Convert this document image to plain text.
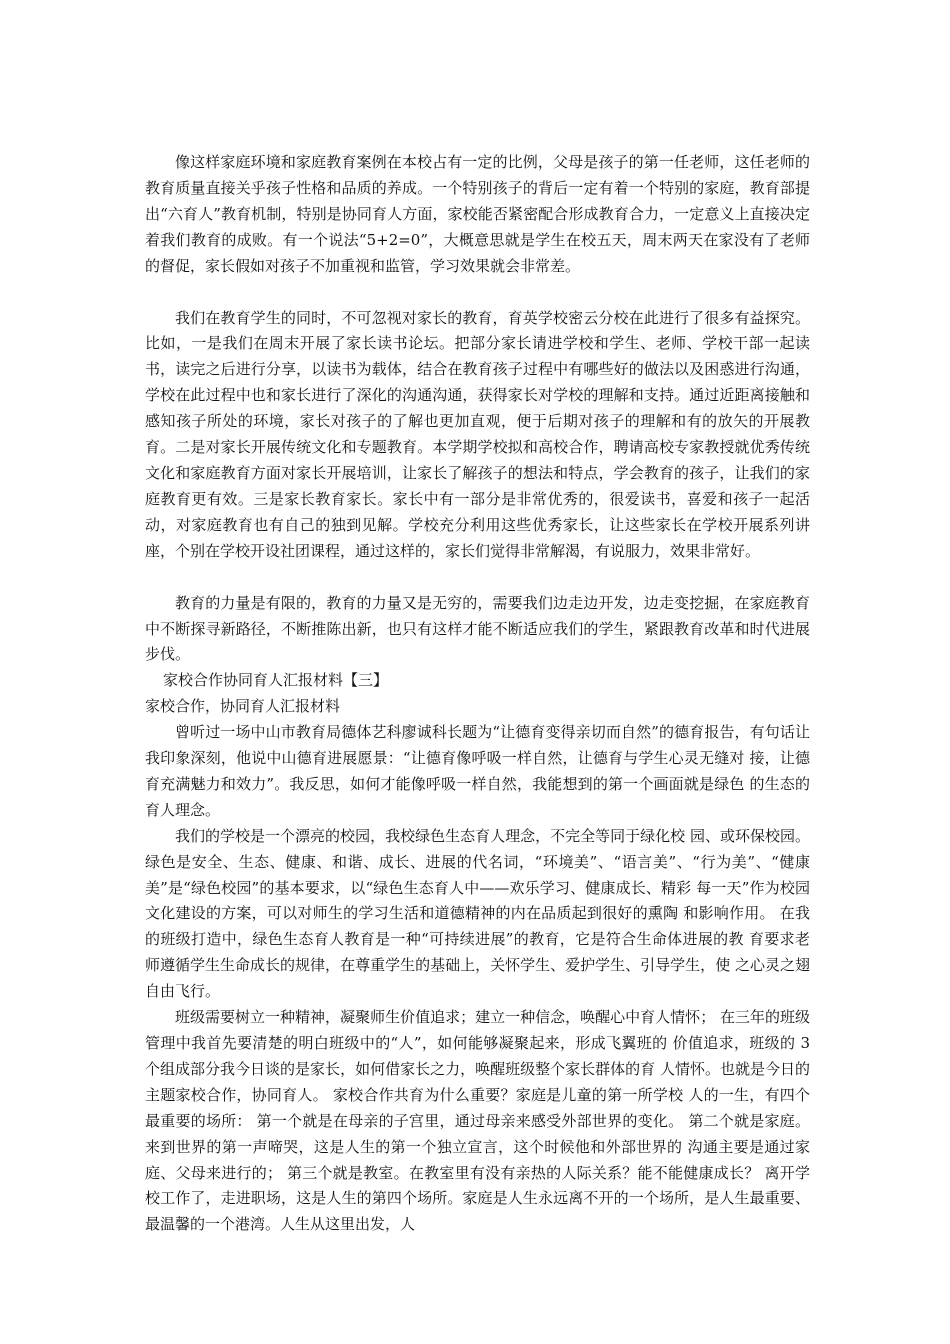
像这样家庭环境和家庭教育案例在本校占有一定的比例，父母是孩子的第一任老师，这任老师的教育质量直接关乎孩子性格和品质的养成。一个特别孩子的背后一定有着一个特别的家庭，教育部提出“六育人”教育机制，特别是协同育人方面，家校能否紧密配合形成教育合力，一定意义上直接决定着我们教育的成败。有一个说法“5+2=0”，大概意思就是学生在校五天，周末两天在家没有了老师的督促，家长假如对孩子不加重视和监管，学习效果就会非常差。

我们在教育学生的同时，不可忽视对家长的教育，育英学校密云分校在此进行了很多有益探究。比如，一是我们在周末开展了家长读书论坛。把部分家长请进学校和学生、老师、学校干部一起读书，读完之后进行分享，以读书为载体，结合在教育孩子过程中有哪些好的做法以及困惑进行沟通，学校在此过程中也和家长进行了深化的沟通沟通，获得家长对学校的理解和支持。通过近距离接触和感知孩子所处的环境，家长对孩子的了解也更加直观，便于后期对孩子的理解和有的放矢的开展教育。二是对家长开展传统文化和专题教育。本学期学校拟和高校合作，聘请高校专家教授就优秀传统文化和家庭教育方面对家长开展培训，让家长了解孩子的想法和特点，学会教育的孩子，让我们的家庭教育更有效。三是家长教育家长。家长中有一部分是非常优秀的，很爱读书，喜爱和孩子一起活动，对家庭教育也有自己的独到见解。学校充分利用这些优秀家长，让这些家长在学校开展系列讲座，个别在学校开设社团课程，通过这样的，家长们觉得非常解渴，有说服力，效果非常好。

教育的力量是有限的，教育的力量又是无穷的，需要我们边走边开发，边走变挖掘，在家庭教育中不断探寻新路径，不断推陈出新，也只有这样才能不断适应我们的学生，紧跟教育改革和时代进展步伐。

家校合作协同育人汇报材料【三】

家校合作，协同育人汇报材料

曾听过一场中山市教育局德体艺科廖诚科长题为“让德育变得亲切而自然”的德育报告，有句话让我印象深刻，他说中山德育进展愿景：“让德育像呼吸一样自然，让德育与学生心灵无缝对 接，让德育充满魅力和效力”。我反思，如何才能像呼吸一样自然，我能想到的第一个画面就是绿色 的生态的育人理念。

我们的学校是一个漂亮的校园，我校绿色生态育人理念，不完全等同于绿化校 园、或环保校园。绿色是安全、生态、健康、和谐、成长、进展的代名词，“环境美”、“语言美”、“行为美”、“健康美”是“绿色校园”的基本要求，以“绿色生态育人中——欢乐学习、健康成长、精彩 每一天”作为校园文化建设的方案，可以对师生的学习生活和道德精神的内在品质起到很好的熏陶 和影响作用。 在我的班级打造中，绿色生态育人教育是一种“可持续进展”的教育，它是符合生命体进展的教 育要求老师遵循学生生命成长的规律，在尊重学生的基础上，关怀学生、爱护学生、引导学生，使 之心灵之翅自由飞行。

班级需要树立一种精神，凝聚师生价值追求；建立一种信念，唤醒心中育人情怀； 在三年的班级管理中我首先要清楚的明白班级中的“人”，如何能够凝聚起来，形成飞翼班的 价值追求，班级的 3 个组成部分我今日谈的是家长，如何借家长之力，唤醒班级整个家长群体的育 人情怀。也就是今日的主题家校合作，协同育人。 家校合作共育为什么重要？家庭是儿童的第一所学校 人的一生，有四个最重要的场所： 第一个就是在母亲的子宫里，通过母亲来感受外部世界的变化。 第二个就是家庭。来到世界的第一声啼哭，这是人生的第一个独立宣言，这个时候他和外部世界的 沟通主要是通过家庭、父母来进行的； 第三个就是教室。在教室里有没有亲热的人际关系？能不能健康成长？ 离开学校工作了，走进职场，这是人生的第四个场所。家庭是人生永远离不开的一个场所，是人生最重要、最温馨的一个港湾。人生从这里出发，人
